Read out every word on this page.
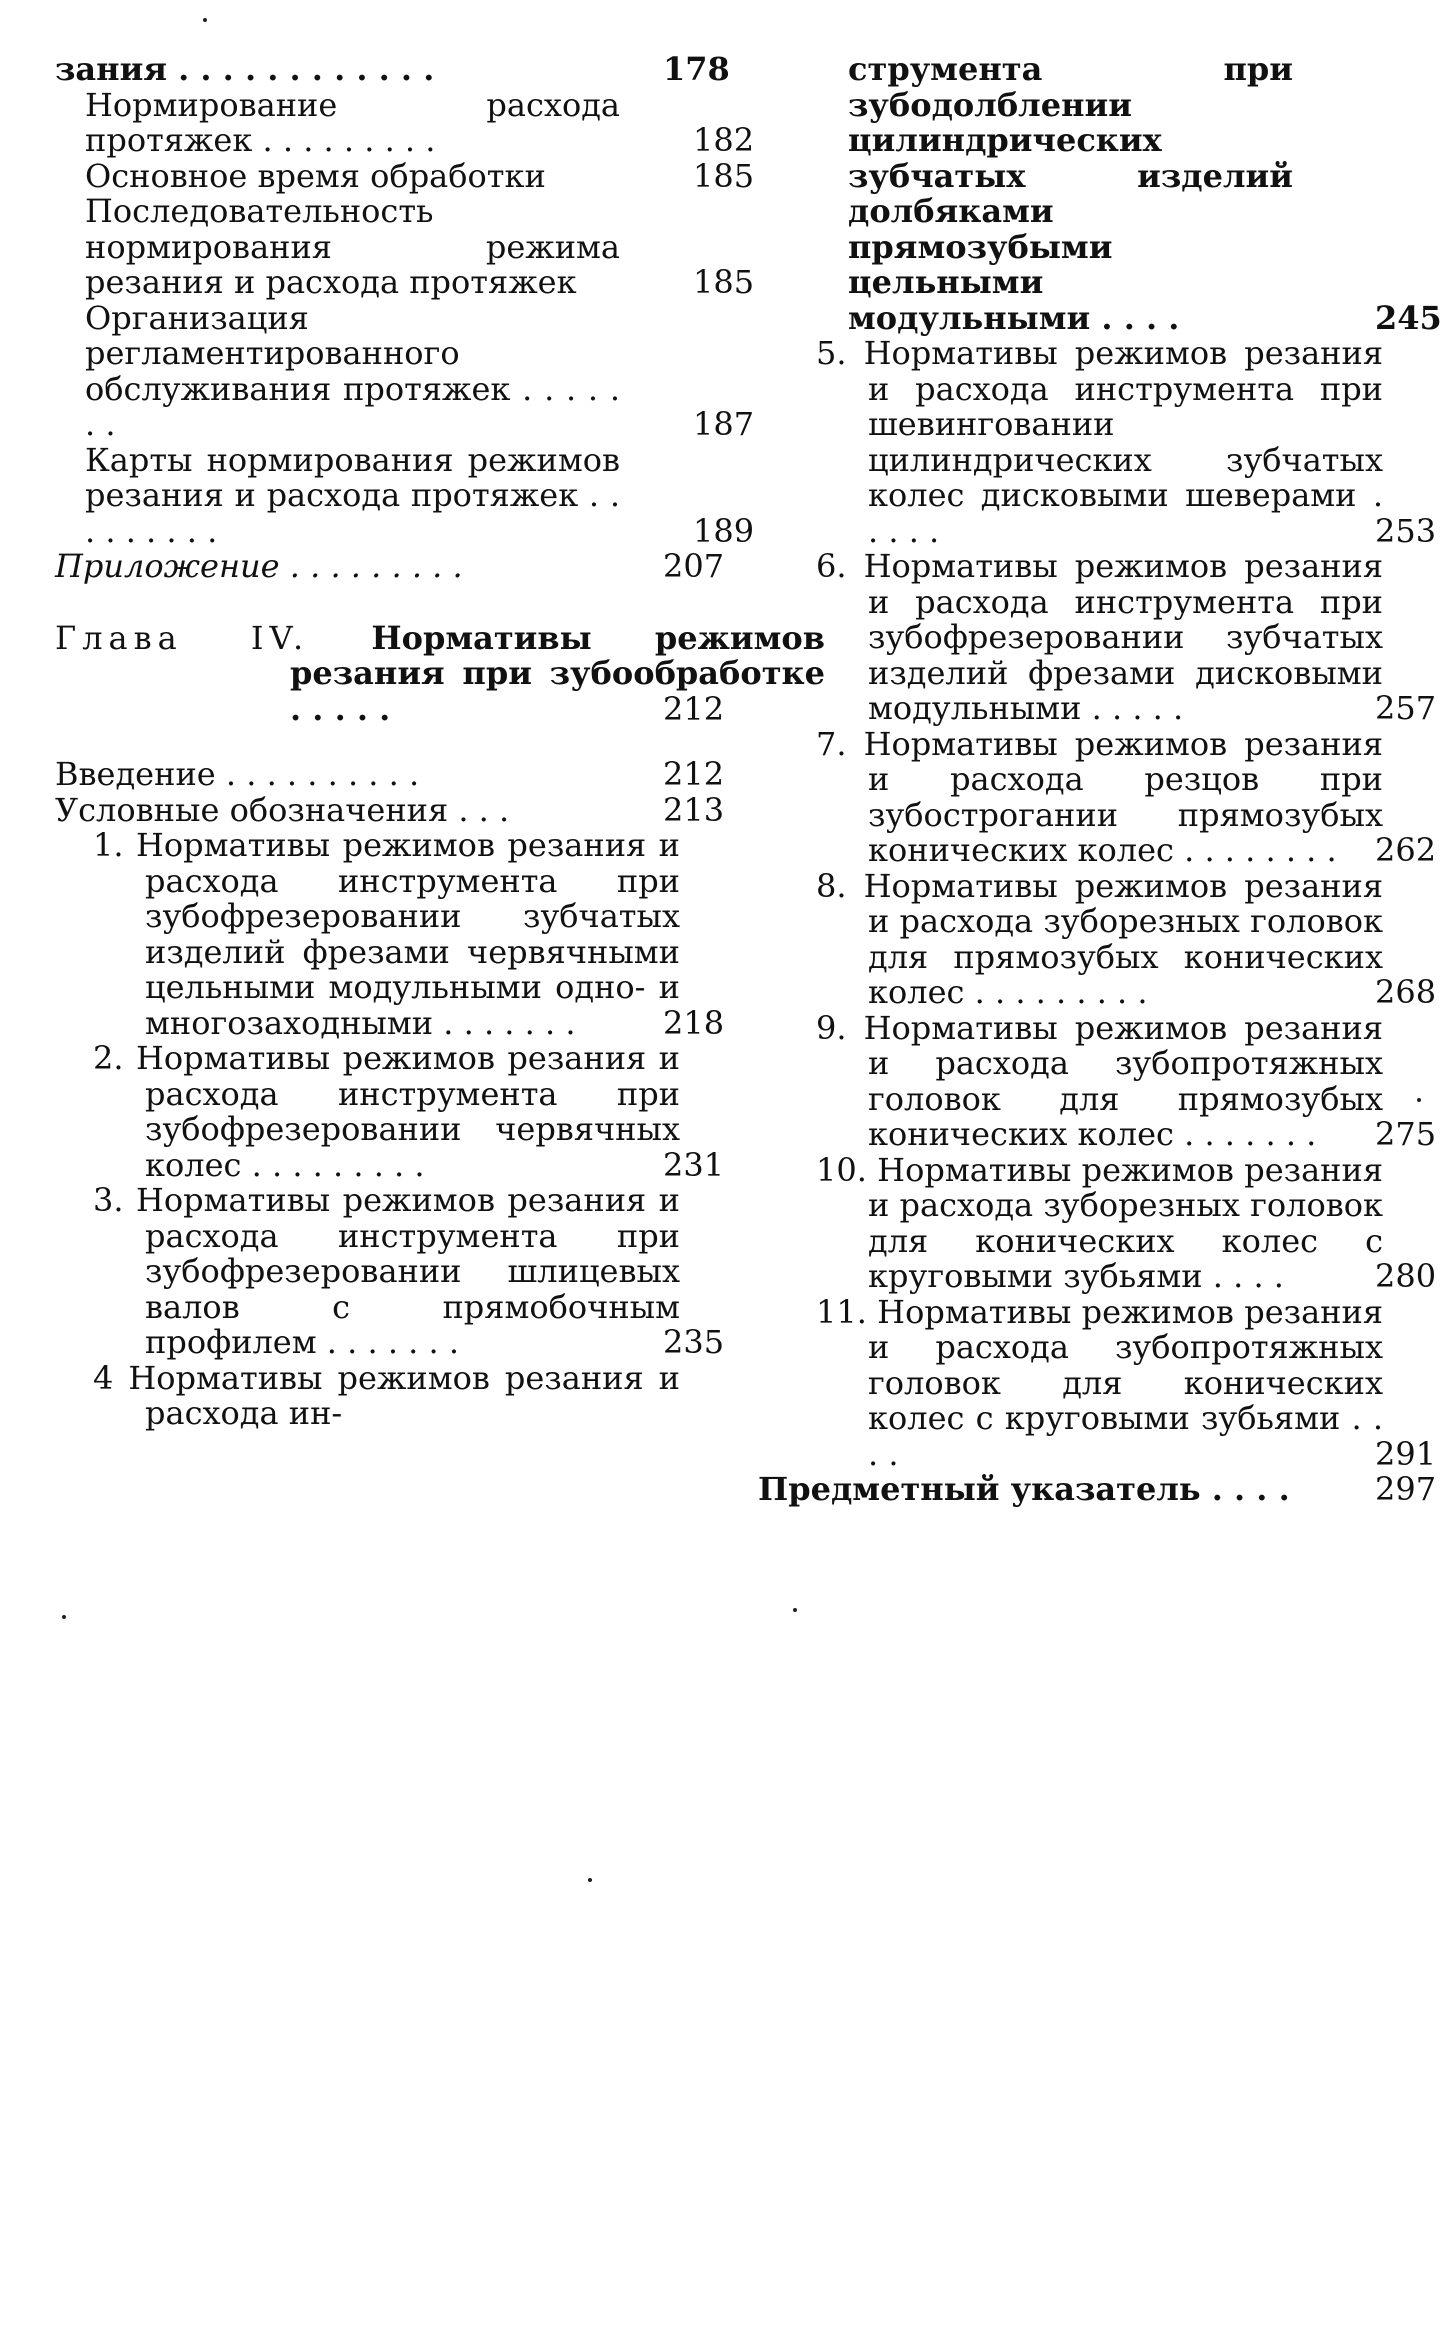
зания . . . . . . . . . . . .	178
Нормирование расхода протяжек . . . . . . . . .	182
Основное время обработки	185
Последовательность нормирования режима резания и расхода протяжек	185
Организация регламентированного обслуживания протяжек . . . . . . .	187
Карты нормирования режимов резания и расхода протяжек . . . . . . . . .	189
Приложение . . . . . . . . .	207
Глава IV. Нормативы режимов резания при зубообработке . . . . .	212
Введение . . . . . . . . . .	212
Условные обозначения . . .	213
1. Нормативы режимов резания и расхода инструмента при зубофрезеровании зубчатых изделий фрезами червячными цельными модульными одно- и многозаходными . . . . . . .	218
2. Нормативы режимов резания и расхода инструмента при зубофрезеровании червячных колес . . . . . . . . .	231
3. Нормативы режимов резания и расхода инструмента при зубофрезеровании шлицевых валов с прямобочным профилем . . . . . . .	235
4 Нормативы режимов резания и расхода ин-
струмента при зубодолблении цилиндрических зубчатых изделий долбяками прямозубыми цельными модульными . . . .	245
5. Нормативы режимов резания и расхода инструмента при шевинговании цилиндрических зубчатых колес дисковыми шеверами . . . . .	253
6. Нормативы режимов резания и расхода инструмента при зубофрезеровании зубчатых изделий фрезами дисковыми модульными . . . . .	257
7. Нормативы режимов резания и расхода резцов при зубострогании прямозубых конических колес . . . . . . . .	262
8. Нормативы режимов резания и расхода зуборезных головок для прямозубых конических колес . . . . . . . . .	268
9. Нормативы режимов резания и расхода зубопротяжных головок для прямозубых конических колес . . . . . . .	275
10. Нормативы режимов резания и расхода зуборезных головок для конических колес с круговыми зубьями . . . .	280
11. Нормативы режимов резания и расхода зубопротяжных головок для конических колес с круговыми зубьями . . . .	291
Предметный указатель . . . .	297
